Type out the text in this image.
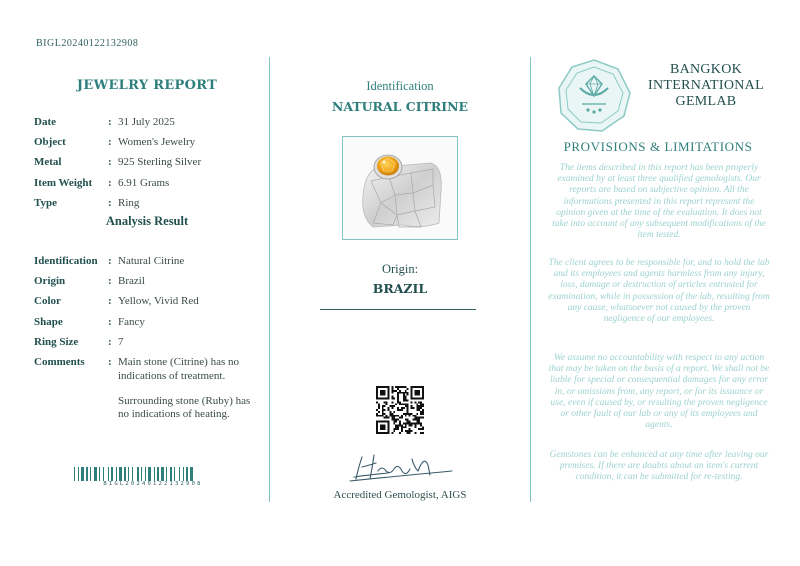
BIGL20240122132908
JEWELRY REPORT
Date	: 31 July 2025
Object	: Women's Jewelry
Metal	: 925 Sterling Silver
Item Weight	: 6.91 Grams
Type	: Ring
Analysis Result
Identification : Natural Citrine
Origin	: Brazil
Color	: Yellow, Vivid Red
Shape	: Fancy
Ring Size	: 7
Comments	: Main stone (Citrine) has no indications of treatment.
Surrounding stone (Ruby) has no indications of heating.
BIGL20240122132908
Identification
NATURAL CITRINE
Origin:
BRAZIL
Accredited Gemologist, AIGS
BANGKOK
INTERNATIONAL
GEMLAB
PROVISIONS & LIMITATIONS
The items described in this report has been properly examined by at least three qualified gemologists. Our reports are based on subjective opinion. All the informations presented in this report represent the opinion given at the time of the evaluation. It does not take into account of any subsequent modifications of the item tested.
The client agrees to be responsible for, and to hold the lab and its employees and agents harmless from any injury, loss, damage or destruction of articles entrusted for examination, while in possession of the lab, resulting from any cause, whatsoever not caused by the proven negligence of our employees.
We assume no accountability with respect to any action that may be taken on the basis of a report. We shall not be liable for special or consequential damages for any error in, or omissions from, any report, or for its issuance or use, even if caused by, or resulting the proven negligence or other fault of our lab or any of its employees and agents.
Gemstones can be enhanced at any time after leaving our premises. If there are doubts about an item's current condition, it can be submitted for re-testing.
